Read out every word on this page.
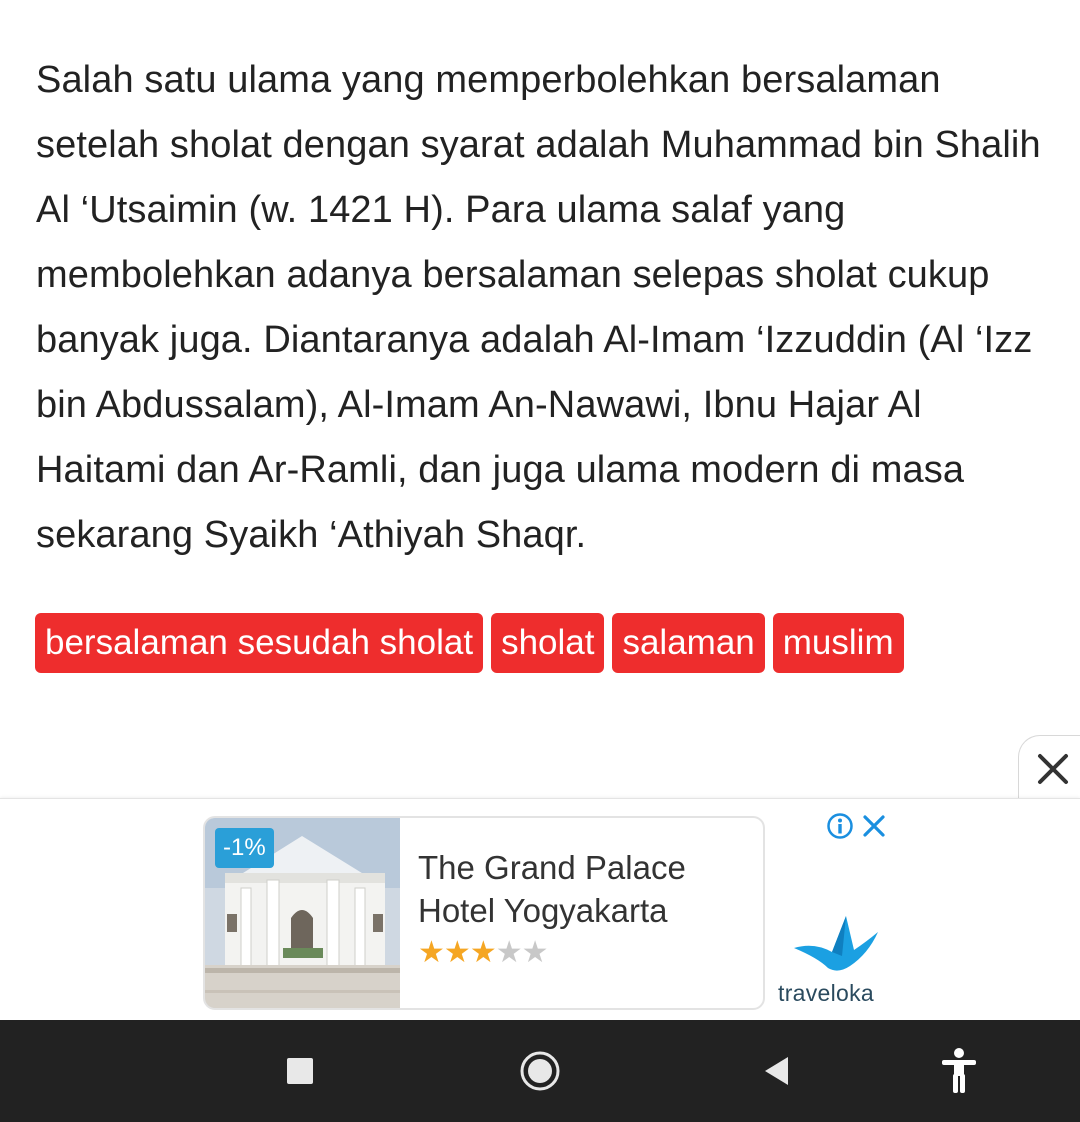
Salah satu ulama yang memperbolehkan bersalaman setelah sholat dengan syarat adalah Muhammad bin Shalih Al ‘Utsaimin (w. 1421 H). Para ulama salaf yang membolehkan adanya bersalaman selepas sholat cukup banyak juga. Diantaranya adalah Al-Imam ‘Izzuddin (Al ‘Izz bin Abdussalam), Al-Imam An-Nawawi, Ibnu Hajar Al Haitami dan Ar-Ramli, dan juga ulama modern di masa sekarang Syaikh ‘Athiyah Shaqr.

bersalaman sesudah sholat sholat salaman muslim
-1%
The Grand Palace Hotel Yogyakarta
★★★★★
traveloka
